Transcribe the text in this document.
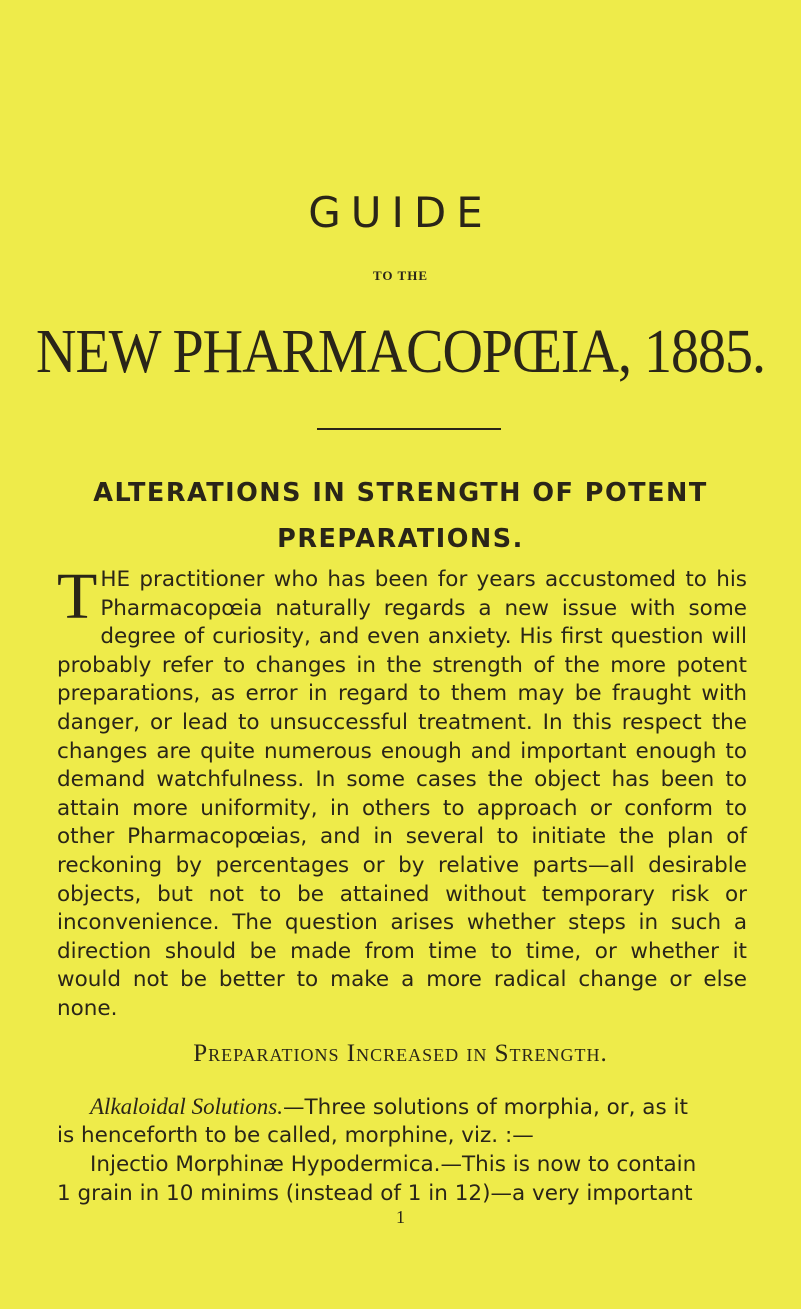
GUIDE
TO THE
NEW PHARMACOPŒIA, 1885.
ALTERATIONS IN STRENGTH OF POTENT
PREPARATIONS.
T HE practitioner who has been for years accustomed to his Pharmacopœia naturally regards a new issue with some degree of curiosity, and even anxiety. His first question will probably refer to changes in the strength of the more potent preparations, as error in regard to them may be fraught with danger, or lead to unsuccessful treatment. In this respect the changes are quite numerous enough and important enough to demand watchfulness. In some cases the object has been to attain more uniformity, in others to approach or conform to other Pharmacopœias, and in several to initiate the plan of reckoning by percentages or by relative parts—all desirable objects, but not to be attained without temporary risk or inconvenience. The question arises whether steps in such a direction should be made from time to time, or whether it would not be better to make a more radical change or else none.
Preparations Increased in Strength.
Alkaloidal Solutions.—Three solutions of morphia, or, as it
is henceforth to be called, morphine, viz. :—
Injectio Morphinæ Hypodermica.—This is now to contain
1 grain in 10 minims (instead of 1 in 12)—a very important
1
